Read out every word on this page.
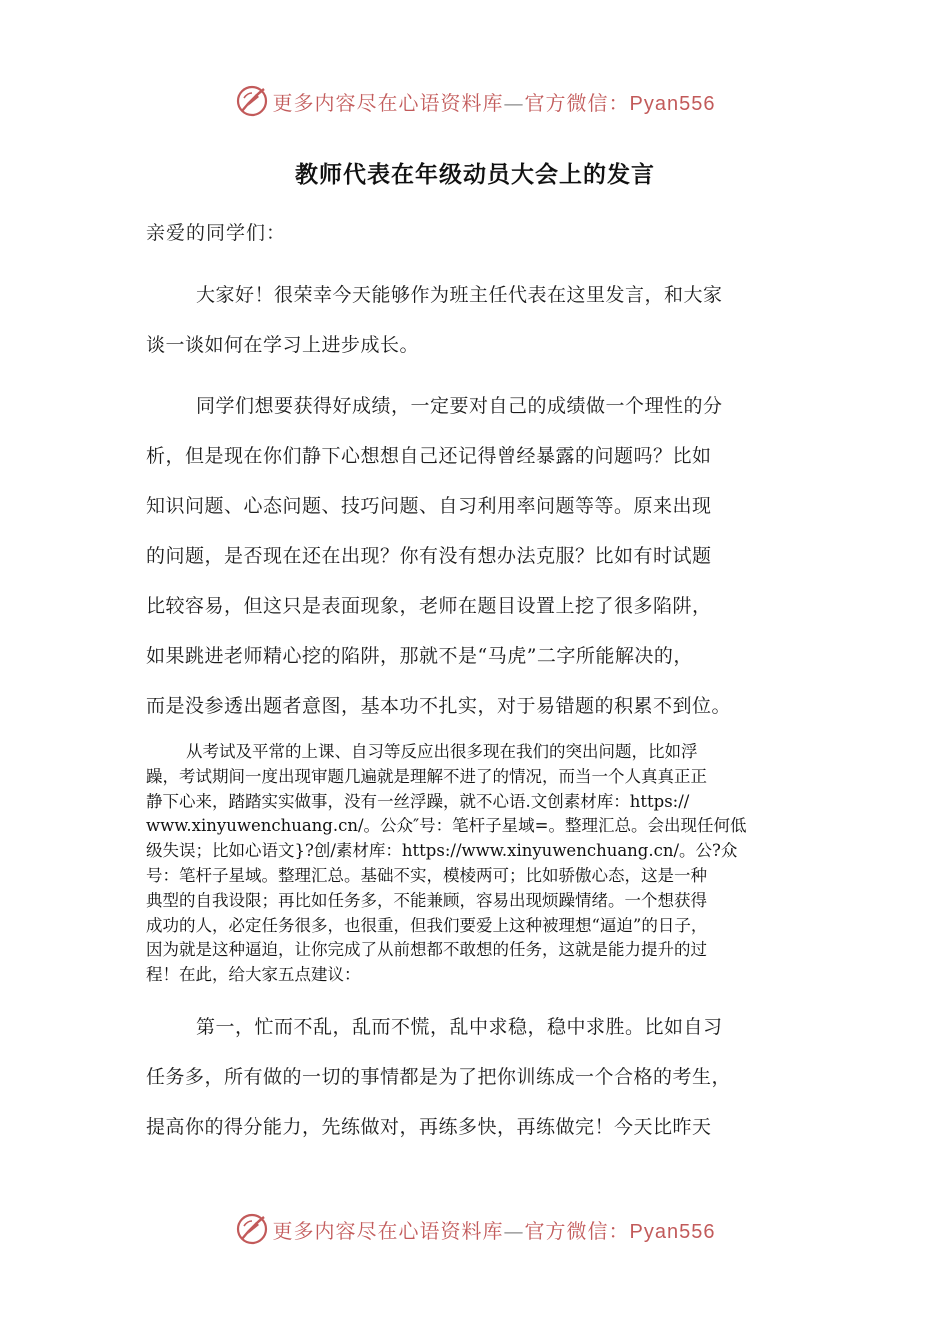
更多内容尽在心语资料库—官方微信：Pyan556
教师代表在年级动员大会上的发言
亲爱的同学们：
大家好！很荣幸今天能够作为班主任代表在这里发言，和大家
谈一谈如何在学习上进步成长。
同学们想要获得好成绩，一定要对自己的成绩做一个理性的分
析，但是现在你们静下心想想自己还记得曾经暴露的问题吗？比如
知识问题、心态问题、技巧问题、自习利用率问题等等。原来出现
的问题，是否现在还在出现？你有没有想办法克服？比如有时试题
比较容易，但这只是表面现象，老师在题目设置上挖了很多陷阱，
如果跳进老师精心挖的陷阱，那就不是“马虎”二字所能解决的，
而是没参透出题者意图，基本功不扎实，对于易错题的积累不到位。
从考试及平常的上课、自习等反应出很多现在我们的突出问题，比如浮
躁，考试期间一度出现审题几遍就是理解不进了的情况，而当一个人真真正正
静下心来，踏踏实实做事，没有一丝浮躁，就不心语.文创素材库：https://
www.xinyuwenchuang.cn/。公众″号：笔杆子星域=。整理汇总。会出现任何低
级失误；比如心语文}?创/素材库：https://www.xinyuwenchuang.cn/。公?众
号：笔杆子星域。整理汇总。基础不实，模棱两可；比如骄傲心态，这是一种
典型的自我设限；再比如任务多，不能兼顾，容易出现烦躁情绪。一个想获得
成功的人，必定任务很多，也很重，但我们要爱上这种被理想“逼迫”的日子，
因为就是这种逼迫，让你完成了从前想都不敢想的任务，这就是能力提升的过
程！在此，给大家五点建议：
第一，忙而不乱，乱而不慌，乱中求稳，稳中求胜。比如自习
任务多，所有做的一切的事情都是为了把你训练成一个合格的考生，
提高你的得分能力，先练做对，再练多快，再练做完！今天比昨天
更多内容尽在心语资料库—官方微信：Pyan556
